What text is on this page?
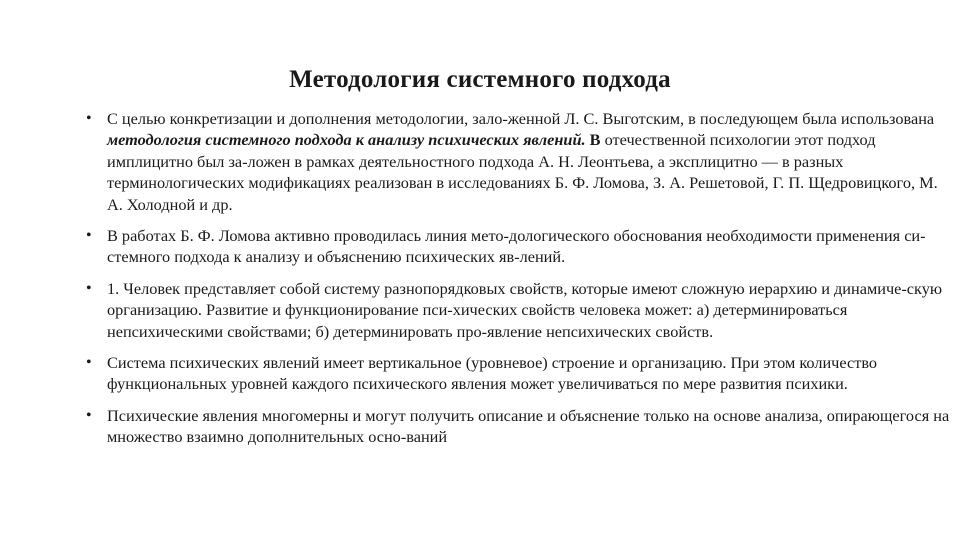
Методология системного подхода
• С целью конкретизации и дополнения методологии, зало-женной Л. С. Выготским, в последующем была использована методология системного подхода к анализу психических явлений. В отечественной психологии этот подход имплицитно был за-ложен в рамках деятельностного подхода А. Н. Леонтьева, а эксплицитно — в разных терминологических модификациях реализован в исследованиях Б. Ф. Ломова, З. А. Решетовой, Г. П. Щедровицкого, М. А. Холодной и др.
• В работах Б. Ф. Ломова активно проводилась линия мето-дологического обоснования необходимости применения си-стемного подхода к анализу и объяснению психических яв-лений.
• 1. Человек представляет собой систему разнопорядковых свойств, которые имеют сложную иерархию и динамиче-скую организацию. Развитие и функционирование пси-хических свойств человека может: а) детерминироваться непсихическими свойствами; б) детерминировать про-явление непсихических свойств.
• Система психических явлений имеет вертикальное (уровневое) строение и организацию. При этом количество функциональных уровней каждого психического явления может увеличиваться по мере развития психики.
• Психические явления многомерны и могут получить описание и объяснение только на основе анализа, опирающегося на множество взаимно дополнительных осно-ваний
